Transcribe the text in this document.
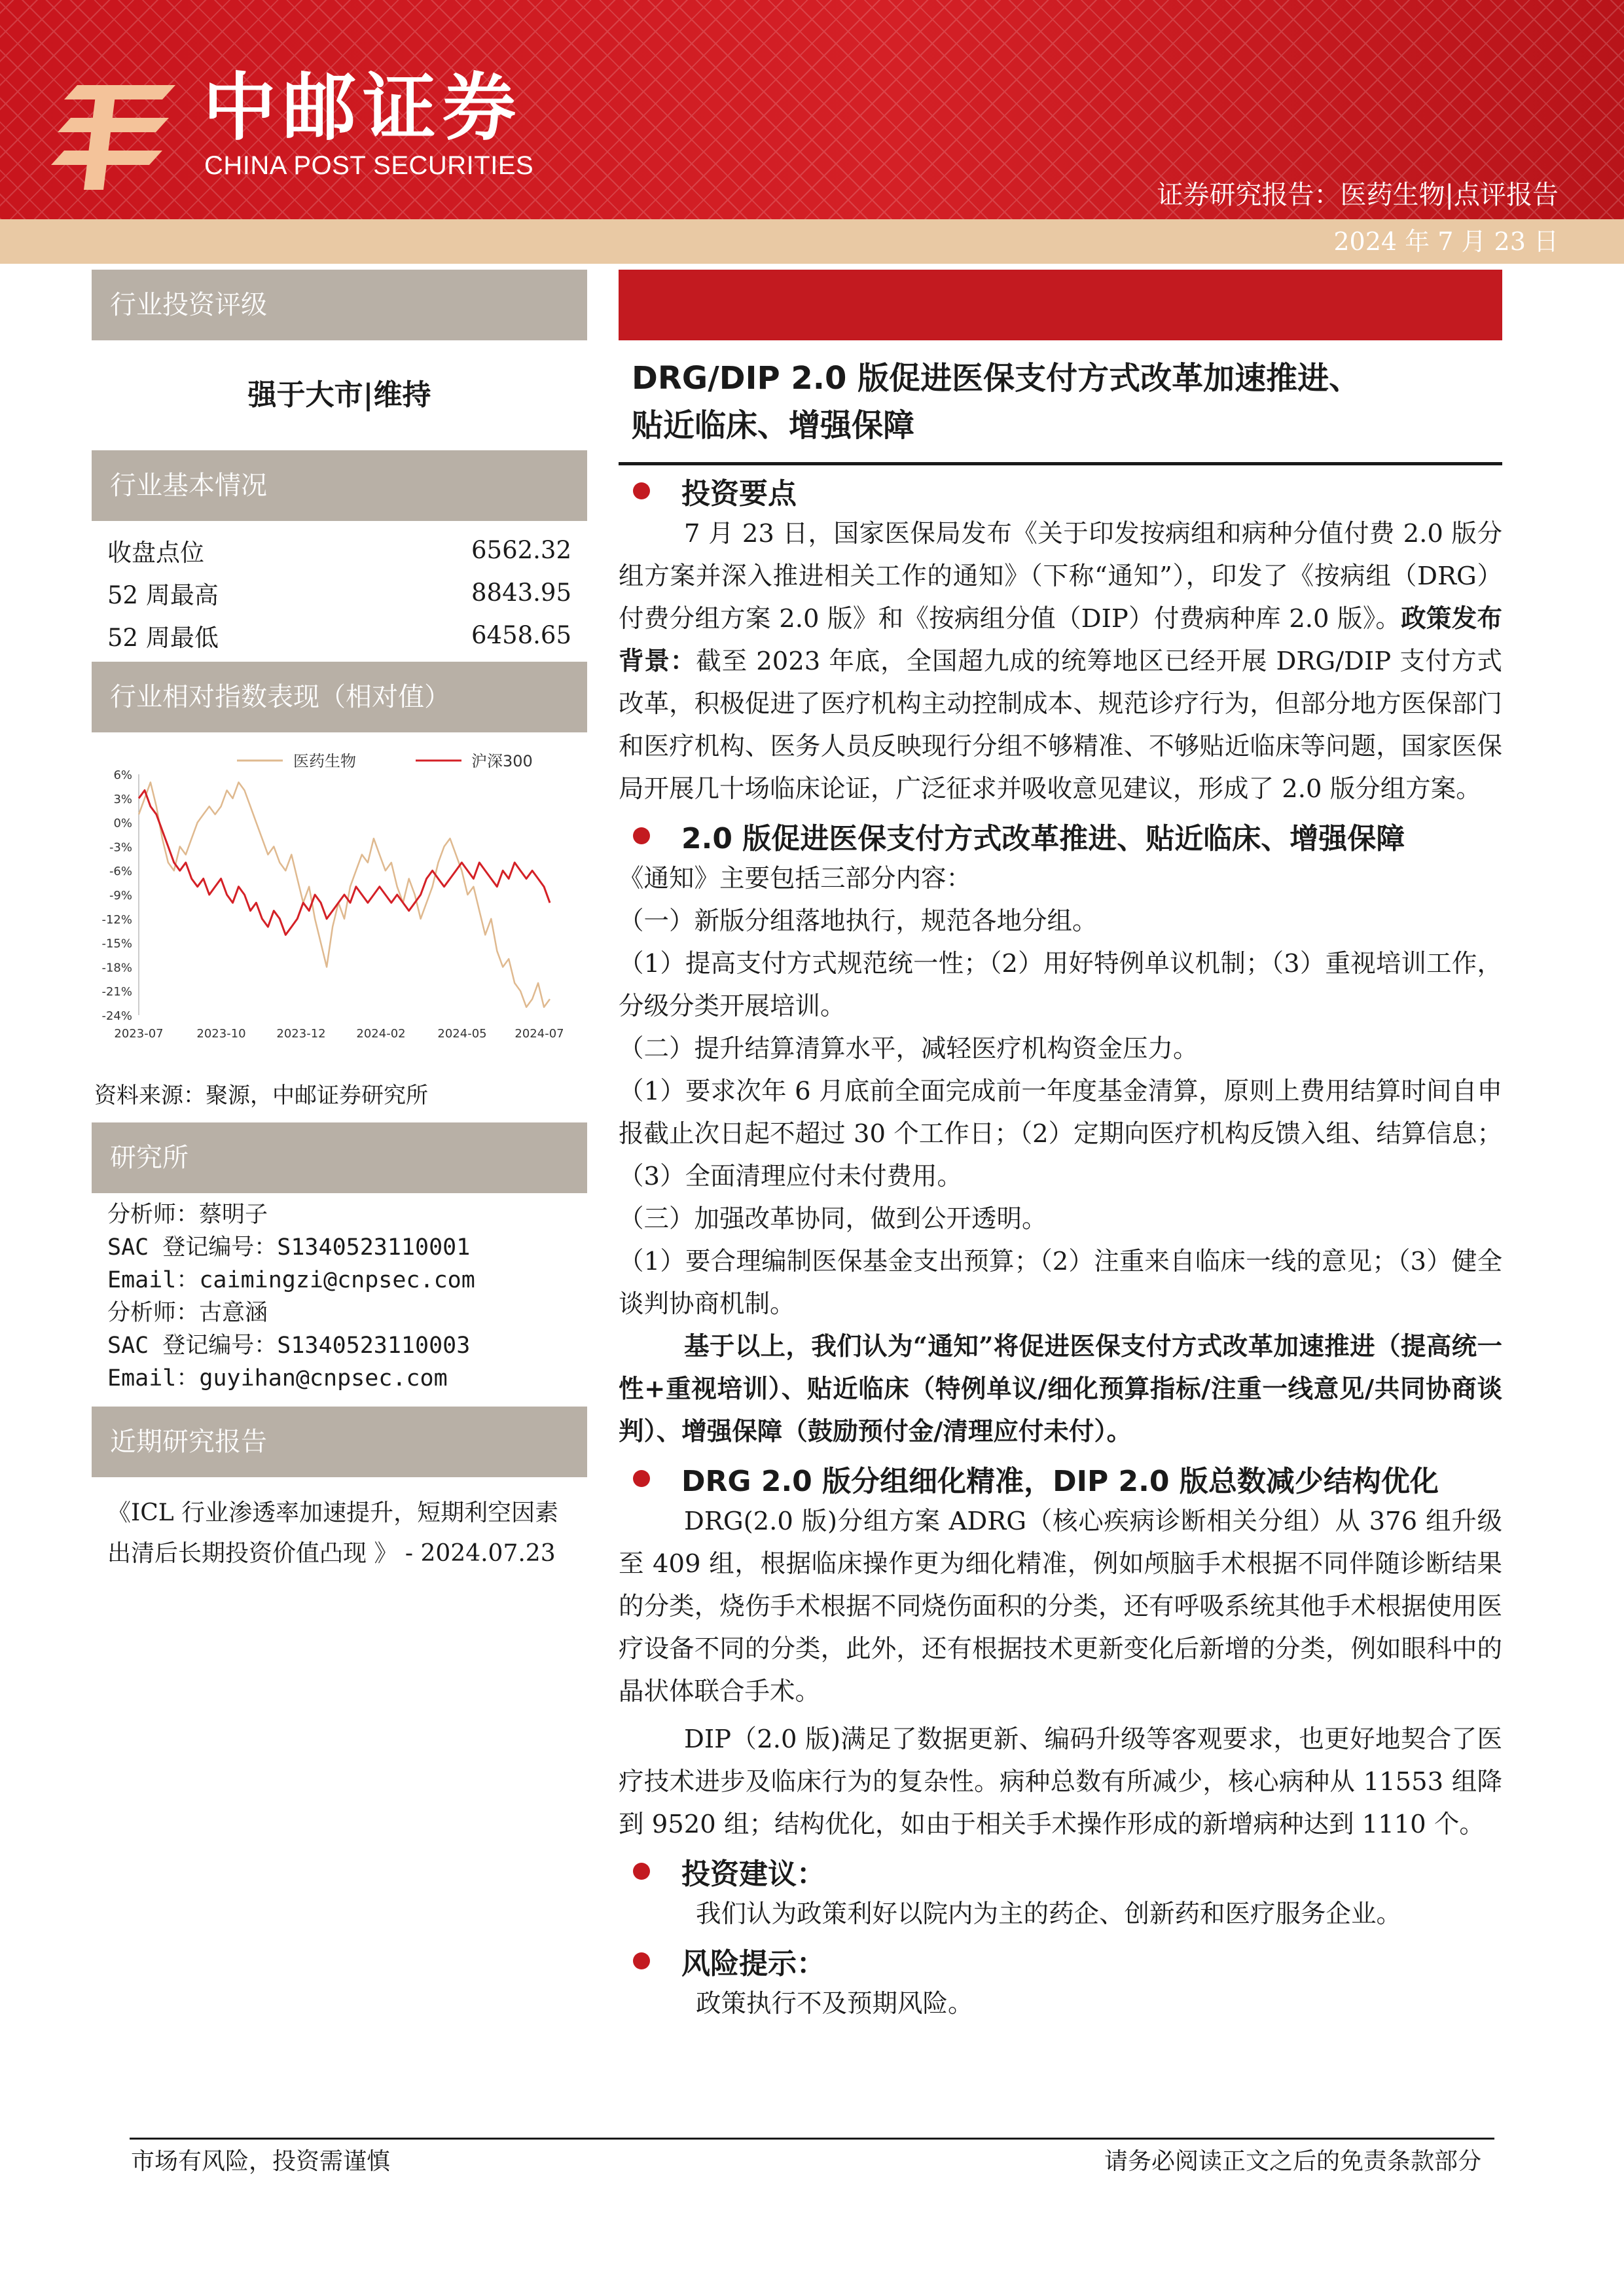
中邮证券
CHINA POST SECURITIES
证券研究报告：医药生物|点评报告
2024 年 7 月 23 日
行业投资评级
强于大市|维持
行业基本情况
收盘点位	6562.32
52 周最高	8843.95
52 周最低	6458.65
行业相对指数表现（相对值）
6%
3%
0%
-3%
-6%
-9%
-12%
-15%
-18%
-21%
-24%
2023-07	2023-10	2023-12	2024-02	2024-05 2024-07
医药生物	沪深300
资料来源：聚源，中邮证券研究所
研究所
分析师：蔡明子
SAC 登记编号：S1340523110001
Email：caimingzi@cnpsec.com
分析师：古意涵
SAC 登记编号：S1340523110003
Email：guyihan@cnpsec.com
近期研究报告
《ICL 行业渗透率加速提升，短期利空因素出清后长期投资价值凸现 》 - 2024.07.23
DRG/DIP 2.0 版促进医保支付方式改革加速推进、
贴近临床、增强保障
投资要点
7 月 23 日，国家医保局发布《关于印发按病组和病种分值付费 2.0 版分组方案并深入推进相关工作的通知》（下称“通知”），印发了《按病组（DRG）付费分组方案 2.0 版》和《按病组分值（DIP）付费病种库 2.0 版》。政策发布背景：截至 2023 年底，全国超九成的统筹地区已经开展 DRG/DIP 支付方式改革，积极促进了医疗机构主动控制成本、规范诊疗行为，但部分地方医保部门和医疗机构、医务人员反映现行分组不够精准、不够贴近临床等问题，国家医保局开展几十场临床论证，广泛征求并吸收意见建议，形成了 2.0 版分组方案。
2.0 版促进医保支付方式改革推进、贴近临床、增强保障
《通知》主要包括三部分内容：
（一）新版分组落地执行，规范各地分组。
（1）提高支付方式规范统一性；（2）用好特例单议机制；（3）重视培训工作，分级分类开展培训。
（二）提升结算清算水平，减轻医疗机构资金压力。
（1）要求次年 6 月底前全面完成前一年度基金清算，原则上费用结算时间自申报截止次日起不超过 30 个工作日；（2）定期向医疗机构反馈入组、结算信息；（3）全面清理应付未付费用。
（三）加强改革协同，做到公开透明。
（1）要合理编制医保基金支出预算；（2）注重来自临床一线的意见；（3）健全谈判协商机制。
基于以上，我们认为“通知”将促进医保支付方式改革加速推进（提高统一性+重视培训）、贴近临床（特例单议/细化预算指标/注重一线意见/共同协商谈判）、增强保障（鼓励预付金/清理应付未付）。
DRG 2.0 版分组细化精准，DIP 2.0 版总数减少结构优化
DRG(2.0 版)分组方案 ADRG（核心疾病诊断相关分组）从 376 组升级至 409 组，根据临床操作更为细化精准，例如颅脑手术根据不同伴随诊断结果的分类，烧伤手术根据不同烧伤面积的分类，还有呼吸系统其他手术根据使用医疗设备不同的分类，此外，还有根据技术更新变化后新增的分类，例如眼科中的晶状体联合手术。
DIP（2.0 版)满足了数据更新、编码升级等客观要求，也更好地契合了医疗技术进步及临床行为的复杂性。病种总数有所减少，核心病种从 11553 组降到 9520 组；结构优化，如由于相关手术操作形成的新增病种达到 1110 个。
投资建议：
我们认为政策利好以院内为主的药企、创新药和医疗服务企业。
风险提示：
政策执行不及预期风险。
市场有风险，投资需谨慎	请务必阅读正文之后的免责条款部分
